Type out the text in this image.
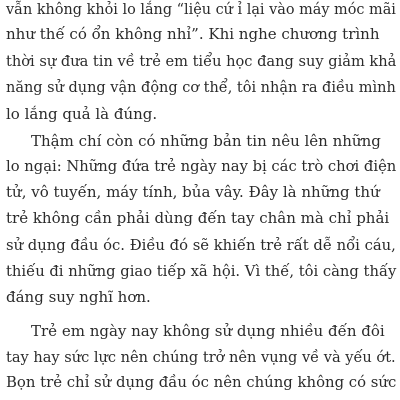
vẫn không khỏi lo lắng “liệu cứ ỉ lại vào máy móc mãi
như thế có ổn không nhỉ”. Khi nghe chương trình
thời sự đưa tin về trẻ em tiểu học đang suy giảm khả
năng sử dụng vận động cơ thể, tôi nhận ra điều mình
lo lắng quả là đúng.
Thậm chí còn có những bản tin nêu lên những
lo ngại: Những đứa trẻ ngày nay bị các trò chơi điện
tử, vô tuyến, máy tính, bủa vây. Đây là những thứ
trẻ không cần phải dùng đến tay chân mà chỉ phải
sử dụng đầu óc. Điều đó sẽ khiến trẻ rất dễ nổi cáu,
thiếu đi những giao tiếp xã hội. Vì thế, tôi càng thấy
đáng suy nghĩ hơn.
Trẻ em ngày nay không sử dụng nhiều đến đôi
tay hay sức lực nên chúng trở nên vụng về và yếu ớt.
Bọn trẻ chỉ sử dụng đầu óc nên chúng không có sức
